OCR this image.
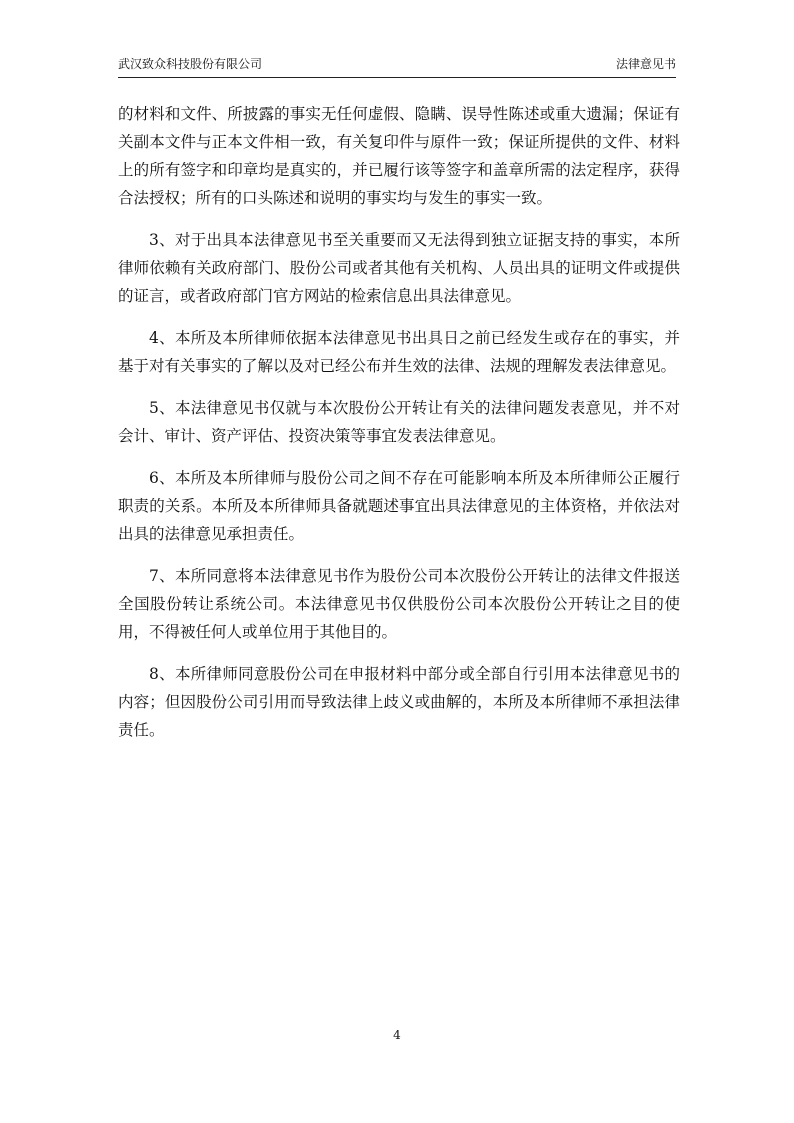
武汉致众科技股份有限公司	法律意见书

的材料和文件、所披露的事实无任何虚假、隐瞒、误导性陈述或重大遗漏；保证有关副本文件与正本文件相一致，有关复印件与原件一致；保证所提供的文件、材料上的所有签字和印章均是真实的，并已履行该等签字和盖章所需的法定程序，获得合法授权；所有的口头陈述和说明的事实均与发生的事实一致。

3、对于出具本法律意见书至关重要而又无法得到独立证据支持的事实，本所律师依赖有关政府部门、股份公司或者其他有关机构、人员出具的证明文件或提供的证言，或者政府部门官方网站的检索信息出具法律意见。

4、本所及本所律师依据本法律意见书出具日之前已经发生或存在的事实，并基于对有关事实的了解以及对已经公布并生效的法律、法规的理解发表法律意见。

5、本法律意见书仅就与本次股份公开转让有关的法律问题发表意见，并不对会计、审计、资产评估、投资决策等事宜发表法律意见。

6、本所及本所律师与股份公司之间不存在可能影响本所及本所律师公正履行职责的关系。本所及本所律师具备就题述事宜出具法律意见的主体资格，并依法对出具的法律意见承担责任。

7、本所同意将本法律意见书作为股份公司本次股份公开转让的法律文件报送全国股份转让系统公司。本法律意见书仅供股份公司本次股份公开转让之目的使用，不得被任何人或单位用于其他目的。

8、本所律师同意股份公司在申报材料中部分或全部自行引用本法律意见书的内容；但因股份公司引用而导致法律上歧义或曲解的，本所及本所律师不承担法律责任。

4
